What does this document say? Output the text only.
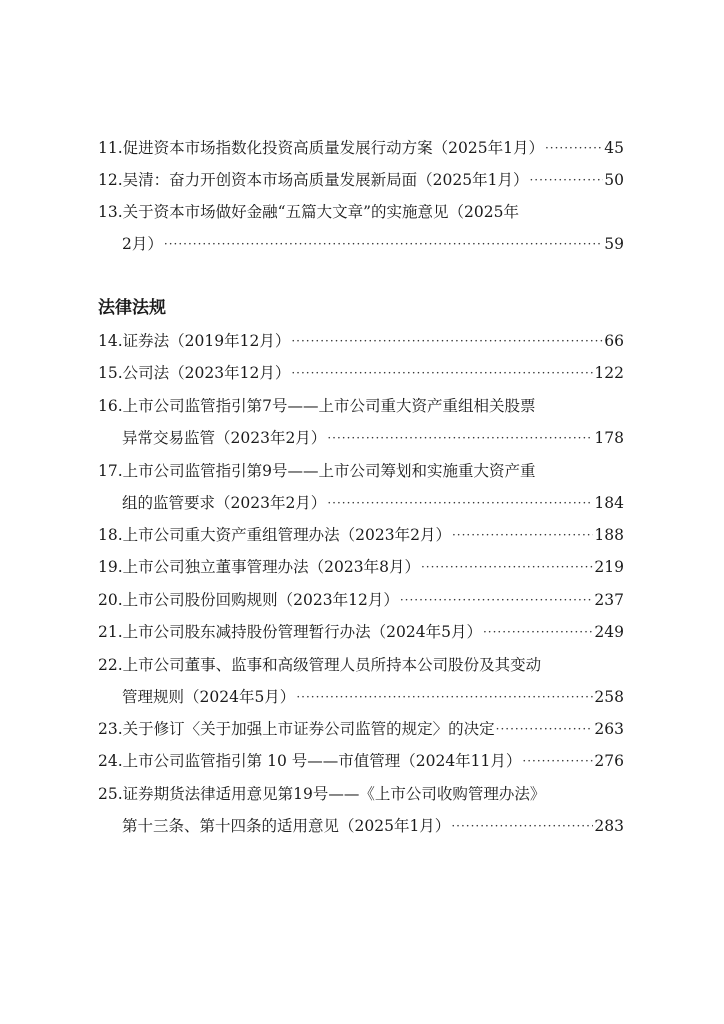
11. 促进资本市场指数化投资高质量发展行动方案（2025年1月） ·····	45
12. 吴清：奋力开创资本市场高质量发展新局面（2025年1月） ·····	50
13. 关于资本市场做好金融“五篇大文章”的实施意见（2025年
2月） ·····	59
法律法规
14. 证券法（2019年12月） ·····	66
15. 公司法（2023年12月） ·····	122
16. 上市公司监管指引第7号——上市公司重大资产重组相关股票
异常交易监管（2023年2月） ·····	178
17. 上市公司监管指引第9号——上市公司筹划和实施重大资产重
组的监管要求（2023年2月） ·····	184
18. 上市公司重大资产重组管理办法（2023年2月） ·····	188
19. 上市公司独立董事管理办法（2023年8月） ·····	219
20. 上市公司股份回购规则（2023年12月） ·····	237
21. 上市公司股东减持股份管理暂行办法（2024年5月） ·····	249
22. 上市公司董事、监事和高级管理人员所持本公司股份及其变动
管理规则（2024年5月） ·····	258
23. 关于修订〈关于加强上市证券公司监管的规定〉的决定 ·····	263
24. 上市公司监管指引第 10 号——市值管理（2024年11月） ·····	276
25. 证券期货法律适用意见第19号——《上市公司收购管理办法》
第十三条、第十四条的适用意见（2025年1月） ·····	283
